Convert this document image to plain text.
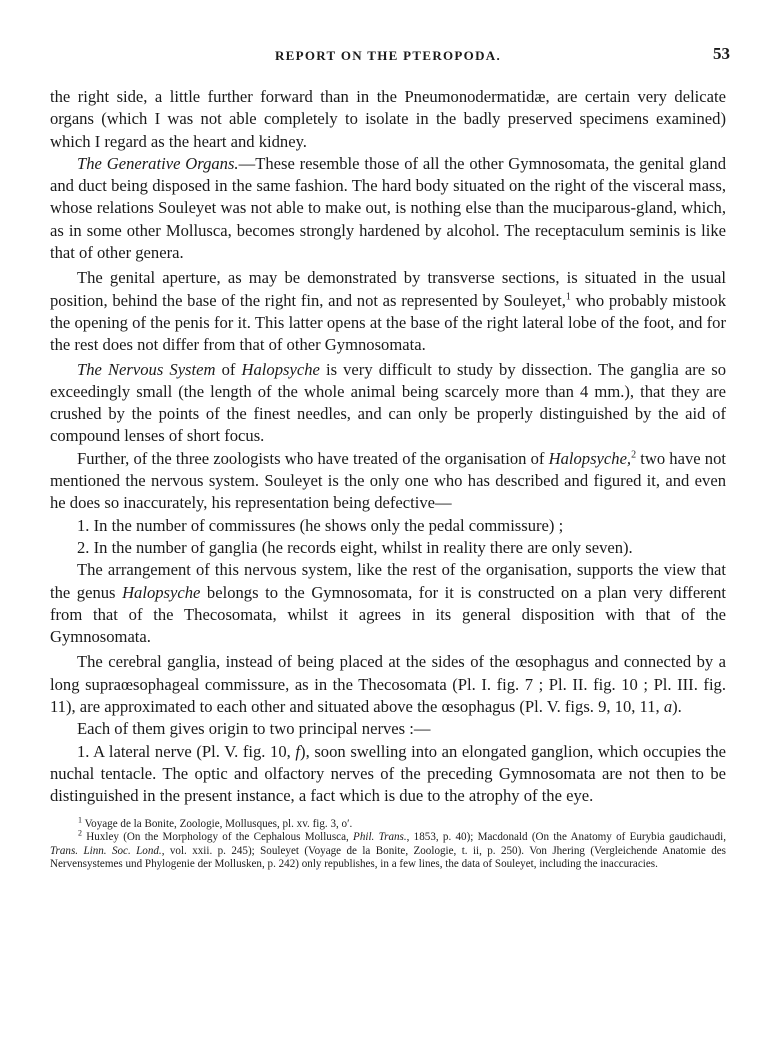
REPORT ON THE PTEROPODA.	53

the right side, a little further forward than in the Pneumonodermatidæ, are certain very delicate organs (which I was not able completely to isolate in the badly preserved specimens examined) which I regard as the heart and kidney.

The Generative Organs.—These resemble those of all the other Gymnosomata, the genital gland and duct being disposed in the same fashion. The hard body situated on the right of the visceral mass, whose relations Souleyet was not able to make out, is nothing else than the muciparous-gland, which, as in some other Mollusca, becomes strongly hardened by alcohol. The receptaculum seminis is like that of other genera.

The genital aperture, as may be demonstrated by transverse sections, is situated in the usual position, behind the base of the right fin, and not as represented by Souleyet,$^1$ who probably mistook the opening of the penis for it. This latter opens at the base of the right lateral lobe of the foot, and for the rest does not differ from that of other Gymnosomata.

The Nervous System of Halopsyche is very difficult to study by dissection. The ganglia are so exceedingly small (the length of the whole animal being scarcely more than 4 mm.), that they are crushed by the points of the finest needles, and can only be properly distinguished by the aid of compound lenses of short focus.

Further, of the three zoologists who have treated of the organisation of Halopsyche,$^2$ two have not mentioned the nervous system. Souleyet is the only one who has described and figured it, and even he does so inaccurately, his representation being defective—

1. In the number of commissures (he shows only the pedal commissure) ;

2. In the number of ganglia (he records eight, whilst in reality there are only seven).

The arrangement of this nervous system, like the rest of the organisation, supports the view that the genus Halopsyche belongs to the Gymnosomata, for it is constructed on a plan very different from that of the Thecosomata, whilst it agrees in its general disposition with that of the Gymnosomata.

The cerebral ganglia, instead of being placed at the sides of the œsophagus and connected by a long supraœsophageal commissure, as in the Thecosomata (Pl. I. fig. 7 ; Pl. II. fig. 10 ; Pl. III. fig. 11), are approximated to each other and situated above the œsophagus (Pl. V. figs. 9, 10, 11, a).

Each of them gives origin to two principal nerves :—

1. A lateral nerve (Pl. V. fig. 10, f), soon swelling into an elongated ganglion, which occupies the nuchal tentacle. The optic and olfactory nerves of the preceding Gymnosomata are not then to be distinguished in the present instance, a fact which is due to the atrophy of the eye.

$^1$ Voyage de la Bonite, Zoologie, Mollusques, pl. xv. fig. 3, o′.

$^2$ Huxley (On the Morphology of the Cephalous Mollusca, Phil. Trans., 1853, p. 40); Macdonald (On the Anatomy of Eurybia gaudichaudi, Trans. Linn. Soc. Lond., vol. xxii. p. 245); Souleyet (Voyage de la Bonite, Zoologie, t. ii, p. 250). Von Jhering (Vergleichende Anatomie des Nervensystemes und Phylogenie der Mollusken, p. 242) only republishes, in a few lines, the data of Souleyet, including the inaccuracies.
